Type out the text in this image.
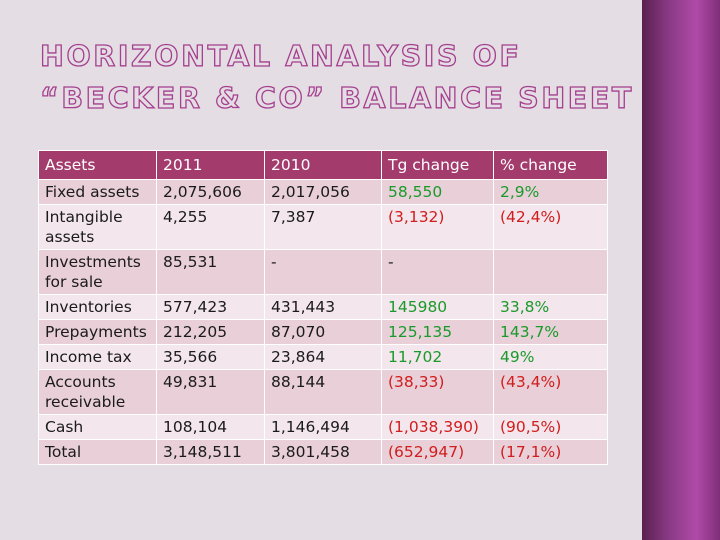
HORIZONTAL ANALYSIS OF
“BECKER & CO” BALANCE SHEET
Assets	2011	2010	Tg change	% change
Fixed assets	2,075,606	2,017,056	58,550	2,9%
Intangible assets	4,255	7,387	(3,132)	(42,4%)
Investments for sale	85,531	-	-	
Inventories	577,423	431,443	145980	33,8%
Prepayments	212,205	87,070	125,135	143,7%
Income tax	35,566	23,864	11,702	49%
Accounts receivable	49,831	88,144	(38,33)	(43,4%)
Cash	108,104	1,146,494	(1,038,390)	(90,5%)
Total	3,148,511	3,801,458	(652,947)	(17,1%)
